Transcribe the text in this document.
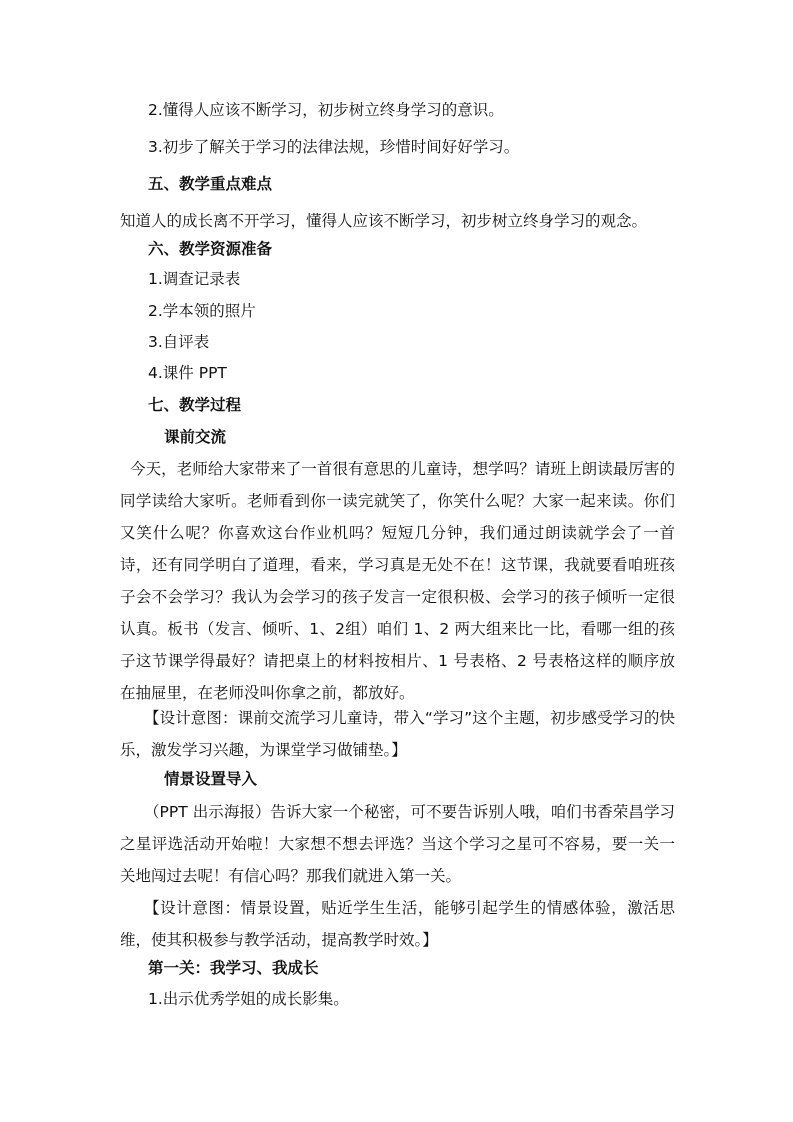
2.懂得人应该不断学习，初步树立终身学习的意识。
3.初步了解关于学习的法律法规，珍惜时间好好学习。
五、教学重点难点
知道人的成长离不开学习，懂得人应该不断学习，初步树立终身学习的观念。
六、教学资源准备
1.调查记录表
2.学本领的照片
3.自评表
4.课件 PPT
七、教学过程
课前交流
今天，老师给大家带来了一首很有意思的儿童诗，想学吗？请班上朗读最厉害的同学读给大家听。老师看到你一读完就笑了，你笑什么呢？大家一起来读。你们又笑什么呢？你喜欢这台作业机吗？短短几分钟，我们通过朗读就学会了一首诗，还有同学明白了道理，看来，学习真是无处不在！这节课，我就要看咱班孩子会不会学习？我认为会学习的孩子发言一定很积极、会学习的孩子倾听一定很认真。板书（发言、倾听、1、2组）咱们 1、2 两大组来比一比，看哪一组的孩子这节课学得最好？请把桌上的材料按相片、1 号表格、2 号表格这样的顺序放在抽屉里，在老师没叫你拿之前，都放好。
【设计意图：课前交流学习儿童诗，带入“学习”这个主题，初步感受学习的快乐，激发学习兴趣，为课堂学习做铺垫。】
情景设置导入
（PPT 出示海报）告诉大家一个秘密，可不要告诉别人哦，咱们书香荣昌学习之星评选活动开始啦！大家想不想去评选？当这个学习之星可不容易，要一关一关地闯过去呢！有信心吗？那我们就进入第一关。
【设计意图：情景设置，贴近学生生活，能够引起学生的情感体验，激活思维，使其积极参与教学活动，提高教学时效。】
第一关：我学习、我成长
1.出示优秀学姐的成长影集。
